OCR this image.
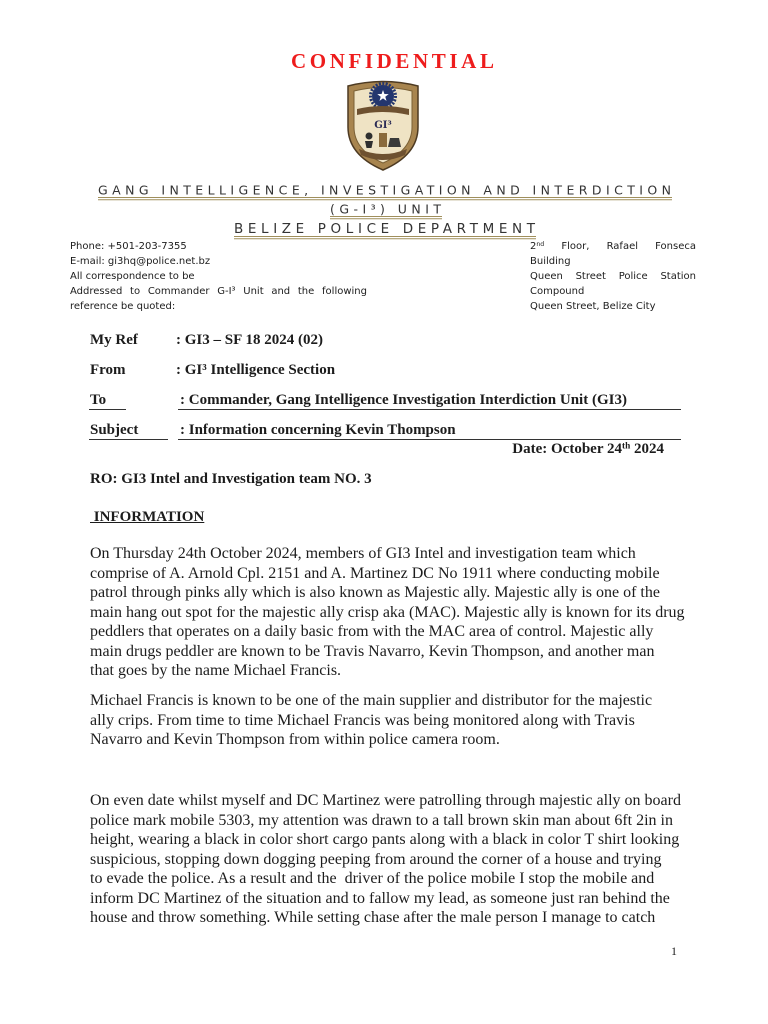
CONFIDENTIAL
GI³
GANG INTELLIGENCE, INVESTIGATION AND INTERDICTION
(G-I³) UNIT
BELIZE POLICE DEPARTMENT
Phone: +501-203-7355
E-mail: gi3hq@police.net.bz
All correspondence to be
Addressed to Commander G-I³ Unit and the following
reference be quoted:
2nd Floor, Rafael Fonseca
Building
Queen Street Police Station
Compound
Queen Street, Belize City
My Ref	: GI3 – SF 18 2024 (02)
From	: GI³ Intelligence Section
To	: Commander, Gang Intelligence Investigation Interdiction Unit (GI3)
Subject	: Information concerning Kevin Thompson
Date: October 24th 2024
RO: GI3 Intel and Investigation team NO. 3
INFORMATION
On Thursday 24th October 2024, members of GI3 Intel and investigation team which
comprise of A. Arnold Cpl. 2151 and A. Martinez DC No 1911 where conducting mobile
patrol through pinks ally which is also known as Majestic ally. Majestic ally is one of the
main hang out spot for the majestic ally crisp aka (MAC). Majestic ally is known for its drug
peddlers that operates on a daily basic from with the MAC area of control. Majestic ally
main drugs peddler are known to be Travis Navarro, Kevin Thompson, and another man
that goes by the name Michael Francis.
Michael Francis is known to be one of the main supplier and distributor for the majestic
ally crips. From time to time Michael Francis was being monitored along with Travis
Navarro and Kevin Thompson from within police camera room.
On even date whilst myself and DC Martinez were patrolling through majestic ally on board
police mark mobile 5303, my attention was drawn to a tall brown skin man about 6ft 2in in
height, wearing a black in color short cargo pants along with a black in color T shirt looking
suspicious, stopping down dogging peeping from around the corner of a house and trying
to evade the police. As a result and the  driver of the police mobile I stop the mobile and
inform DC Martinez of the situation and to fallow my lead, as someone just ran behind the
house and throw something. While setting chase after the male person I manage to catch
1
